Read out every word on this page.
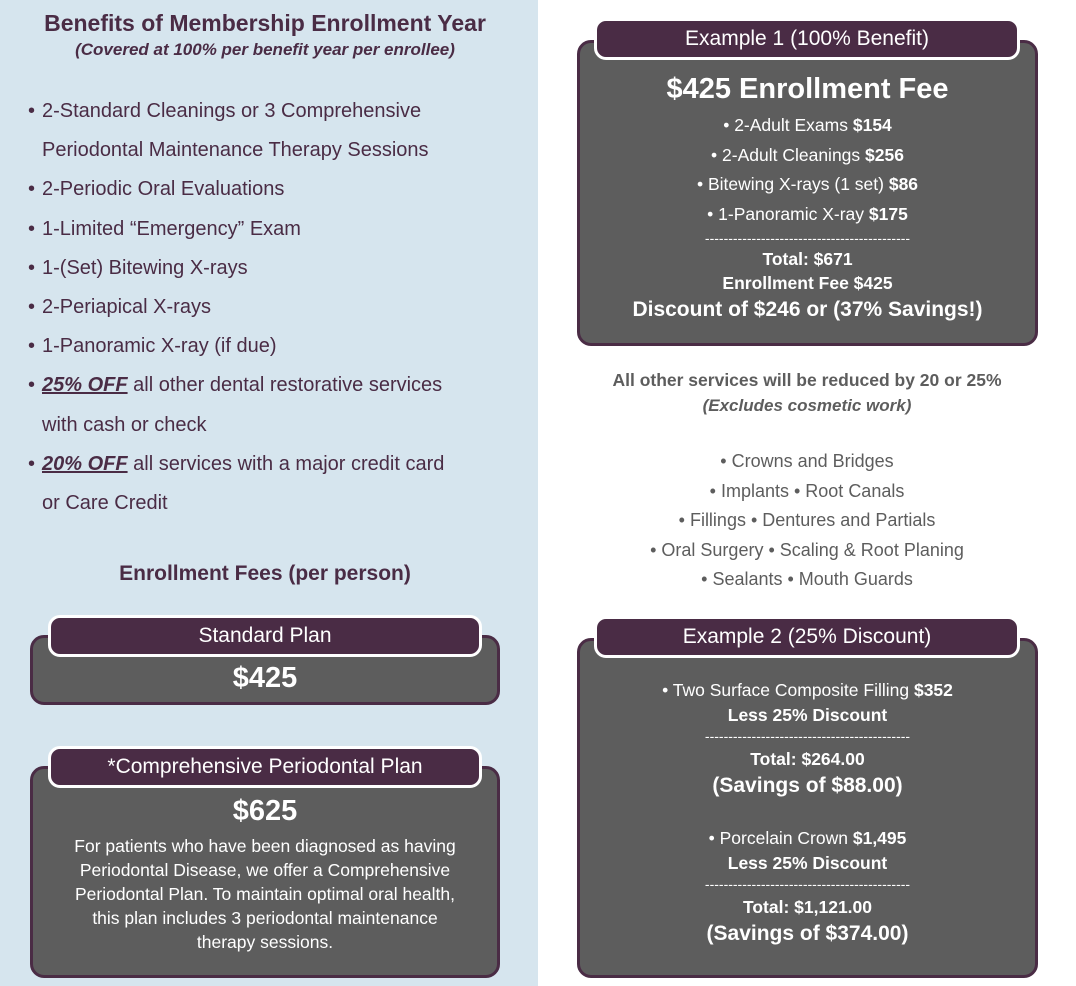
Benefits of Membership Enrollment Year
(Covered at 100% per benefit year per enrollee)
• 2-Standard Cleanings or 3 Comprehensive
Periodontal Maintenance Therapy Sessions
• 2-Periodic Oral Evaluations
• 1-Limited “Emergency” Exam
• 1-(Set) Bitewing X-rays
• 2-Periapical X-rays
• 1-Panoramic X-ray (if due)
• 25% OFF all other dental restorative services
with cash or check
• 20% OFF all services with a major credit card
or Care Credit
Enrollment Fees (per person)
$425
Standard Plan
$625
For patients who have been diagnosed as having
Periodontal Disease, we offer a Comprehensive
Periodontal Plan. To maintain optimal oral health,
this plan includes 3 periodontal maintenance
therapy sessions.
*Comprehensive Periodontal Plan
$425 Enrollment Fee
• 2-Adult Exams $154
• 2-Adult Cleanings $256
• Bitewing X-rays (1 set) $86
• 1-Panoramic X-ray $175
--------------------------------------------
Total: $671
Enrollment Fee $425
Discount of $246 or (37% Savings!)
Example 1 (100% Benefit)
All other services will be reduced by 20 or 25%
(Excludes cosmetic work)
• Crowns and Bridges
• Implants • Root Canals
• Fillings • Dentures and Partials
• Oral Surgery • Scaling & Root Planing
• Sealants • Mouth Guards
• Two Surface Composite Filling $352
Less 25% Discount
--------------------------------------------
Total: $264.00
(Savings of $88.00)
• Porcelain Crown $1,495
Less 25% Discount
--------------------------------------------
Total: $1,121.00
(Savings of $374.00)
Example 2 (25% Discount)
